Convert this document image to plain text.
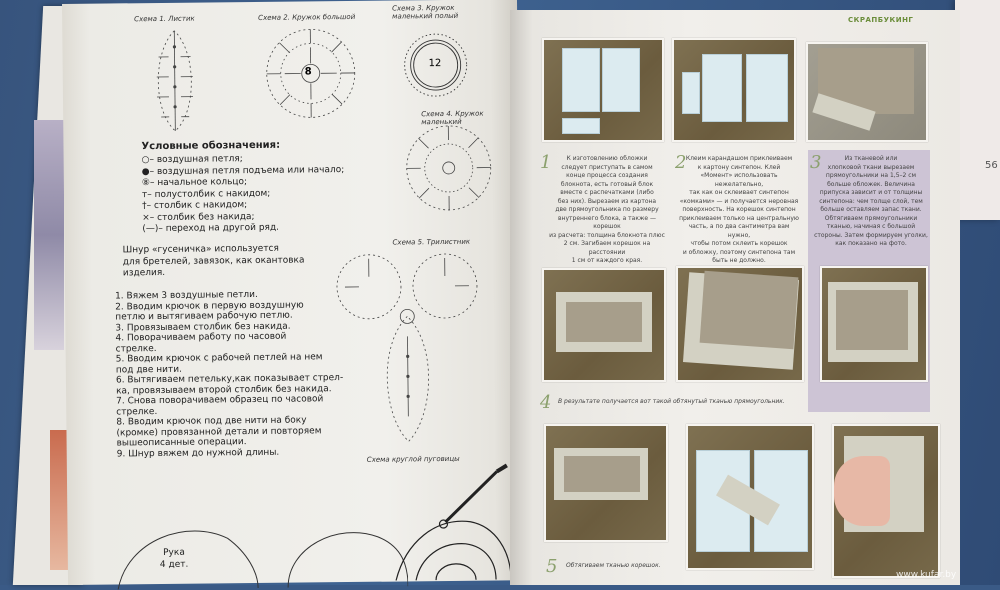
56
Схема 1. Листик	Схема 2. Кружок большой
Схема 3. Кружок маленький полый
Схема 4. Кружок маленький
Схема 5. Трилистник
Схема круглой пуговицы
8
12
Условные обозначения:
○– воздушная петля;
●– воздушная петля подъема или начало;
⑧– начальное кольцо;
т– полустолбик с накидом;
†– столбик с накидом;
×– столбик без накида;
(—)– переход на другой ряд.
Шнур «гусеничка» используется
для бретелей, завязок, как окантовка
изделия.
1. Вяжем 3 воздушные петли.
2. Вводим крючок в первую воздушную
петлю и вытягиваем рабочую петлю.
3. Провязываем столбик без накида.
4. Поворачиваем работу по часовой
стрелке.
5. Вводим крючок с рабочей петлей на нем
под две нити.
6. Вытягиваем петельку,как показывает стрел-
ка, провязываем второй столбик без накида.
7. Снова поворачиваем образец по часовой
стрелке.
8. Вводим крючок под две нити на боку
(кромке) провязанной детали и повторяем
вышеописанные операции.
9. Шнур вяжем до нужной длины.
Рука
4 дет.
СКРАПБУКИНГ
1	К изготовлению обложки
следует приступать в самом
конце процесса создания
блокнота, есть готовый блок
вместе с распечатками (либо
без них). Вырезаем из картона
две прямоугольника по размеру
внутреннего блока, а также — корешок
из расчета: толщина блокнота плюс
2 см. Загибаем корешок на расстоянии
1 см от каждого края.
2 Клеим карандашом приклеиваем
к картону синтепон. Клей
«Момент» использовать нежелательно,
так как он склеивает синтепон
«комками» — и получается неровная
поверхность. На корешок синтепон
приклеиваем только на центральную
часть, а по два сантиметра вам нужно,
чтобы потом склеить корешок
и обложку, поэтому синтепона там
быть не должно.
3	Из тканевой или
хлопковой ткани вырезаем
прямоугольники на 1,5–2 см
больше обложек. Величина
припуска зависит и от толщины
синтепона: чем толще слой, тем
больше оставляем запас ткани.
Обтягиваем прямоугольники
тканью, начиная с большой
стороны. Затем формируем уголки,
как показано на фото.
4 В результате получается вот такой обтянутый тканью прямоугольник.
5 Обтягиваем тканью корешок.
www.kufar.by
